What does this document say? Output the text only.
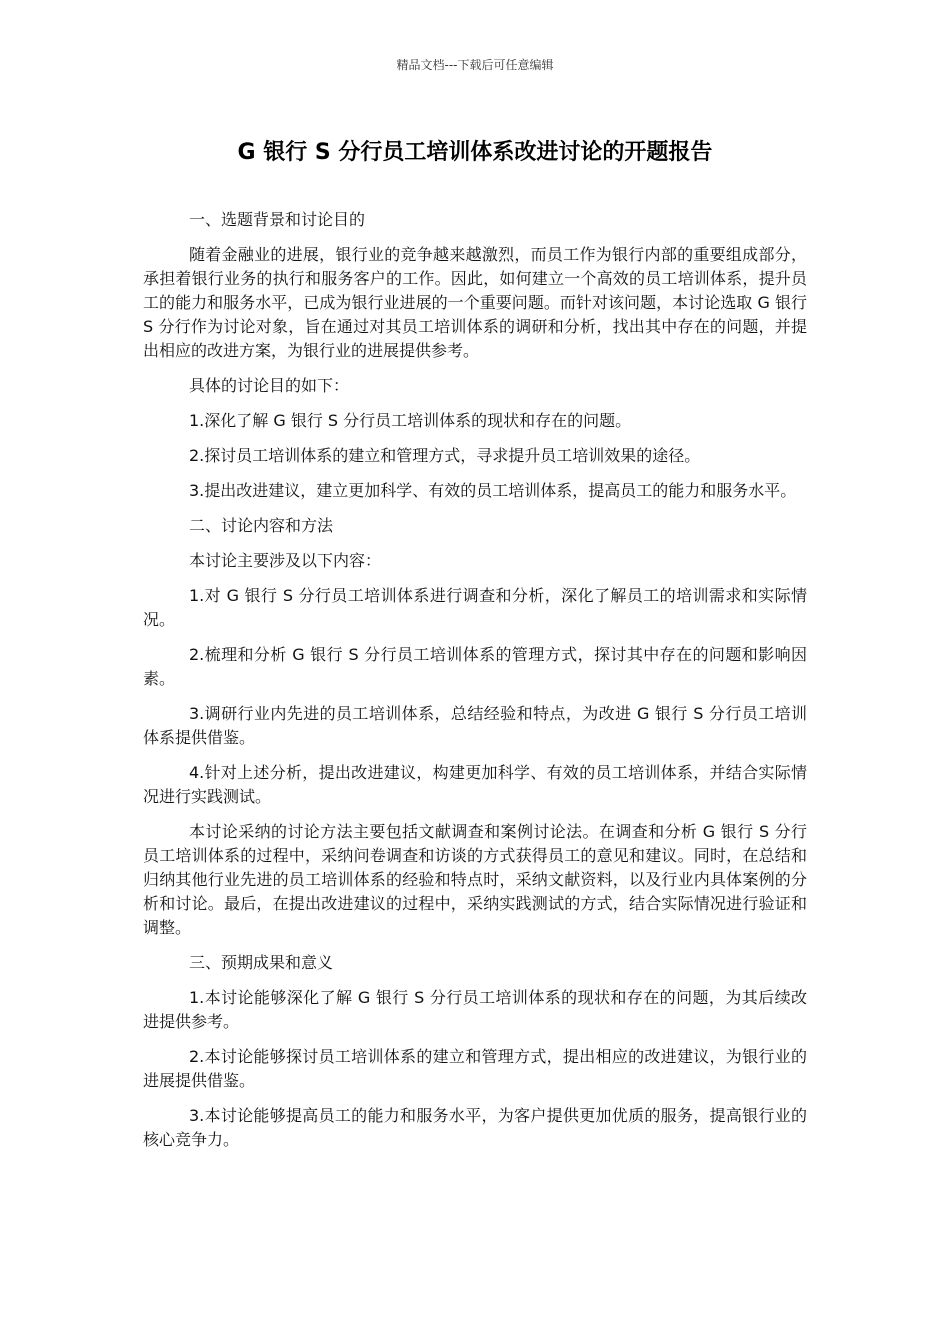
精品文档---下载后可任意编辑
G 银行 S 分行员工培训体系改进讨论的开题报告

一、选题背景和讨论目的

随着金融业的进展，银行业的竞争越来越激烈，而员工作为银行内部的重要组成部分，承担着银行业务的执行和服务客户的工作。因此，如何建立一个高效的员工培训体系，提升员工的能力和服务水平，已成为银行业进展的一个重要问题。而针对该问题，本讨论选取 G 银行 S 分行作为讨论对象，旨在通过对其员工培训体系的调研和分析，找出其中存在的问题，并提出相应的改进方案，为银行业的进展提供参考。

具体的讨论目的如下：

1.深化了解 G 银行 S 分行员工培训体系的现状和存在的问题。

2.探讨员工培训体系的建立和管理方式，寻求提升员工培训效果的途径。

3.提出改进建议，建立更加科学、有效的员工培训体系，提高员工的能力和服务水平。

二、讨论内容和方法

本讨论主要涉及以下内容：

1.对 G 银行 S 分行员工培训体系进行调查和分析，深化了解员工的培训需求和实际情况。

2.梳理和分析 G 银行 S 分行员工培训体系的管理方式，探讨其中存在的问题和影响因素。

3.调研行业内先进的员工培训体系，总结经验和特点，为改进 G 银行 S 分行员工培训体系提供借鉴。

4.针对上述分析，提出改进建议，构建更加科学、有效的员工培训体系，并结合实际情况进行实践测试。

本讨论采纳的讨论方法主要包括文献调查和案例讨论法。在调查和分析 G 银行 S 分行员工培训体系的过程中，采纳问卷调查和访谈的方式获得员工的意见和建议。同时，在总结和归纳其他行业先进的员工培训体系的经验和特点时，采纳文献资料，以及行业内具体案例的分析和讨论。最后，在提出改进建议的过程中，采纳实践测试的方式，结合实际情况进行验证和调整。

三、预期成果和意义

1.本讨论能够深化了解 G 银行 S 分行员工培训体系的现状和存在的问题，为其后续改进提供参考。

2.本讨论能够探讨员工培训体系的建立和管理方式，提出相应的改进建议，为银行业的进展提供借鉴。

3.本讨论能够提高员工的能力和服务水平，为客户提供更加优质的服务，提高银行业的核心竞争力。
